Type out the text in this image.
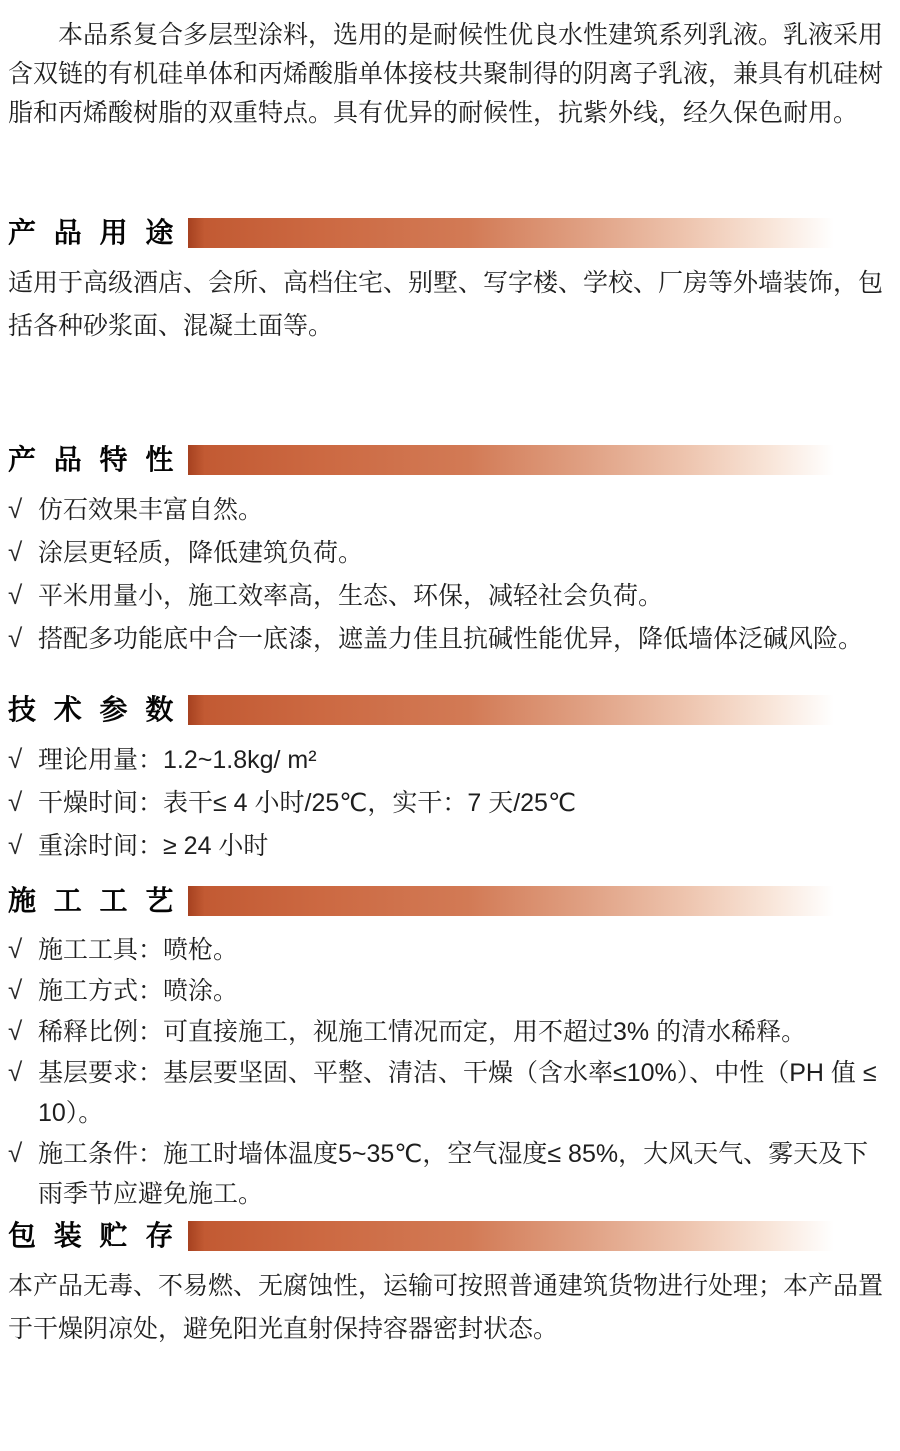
本品系复合多层型涂料，选用的是耐候性优良水性建筑系列乳液。乳液采用含双链的有机硅单体和丙烯酸脂单体接枝共聚制得的阴离子乳液，兼具有机硅树脂和丙烯酸树脂的双重特点。具有优异的耐候性，抗紫外线，经久保色耐用。

产 品 用 途

适用于高级酒店、会所、高档住宅、别墅、写字楼、学校、厂房等外墙装饰，包括各种砂浆面、混凝土面等。

产 品 特 性
√ 仿石效果丰富自然。
√ 涂层更轻质，降低建筑负荷。
√ 平米用量小，施工效率高，生态、环保，减轻社会负荷。
√ 搭配多功能底中合一底漆，遮盖力佳且抗碱性能优异，降低墙体泛碱风险。
技 术 参 数
√ 理论用量：1.2~1.8kg/ m²
√ 干燥时间：表干≤ 4 小时/25℃，实干：7 天/25℃
√ 重涂时间：≥ 24 小时
施 工 工 艺
√ 施工工具：喷枪。
√ 施工方式：喷涂。
√ 稀释比例：可直接施工，视施工情况而定，用不超过3% 的清水稀释。
√ 基层要求：基层要坚固、平整、清洁、干燥（含水率≤10%）、中性（PH 值 ≤ 10）。
√ 施工条件：施工时墙体温度5~35℃，空气湿度≤ 85%，大风天气、雾天及下雨季节应避免施工。
包 装 贮 存

本产品无毒、不易燃、无腐蚀性，运输可按照普通建筑货物进行处理；本产品置于干燥阴凉处，避免阳光直射保持容器密封状态。
